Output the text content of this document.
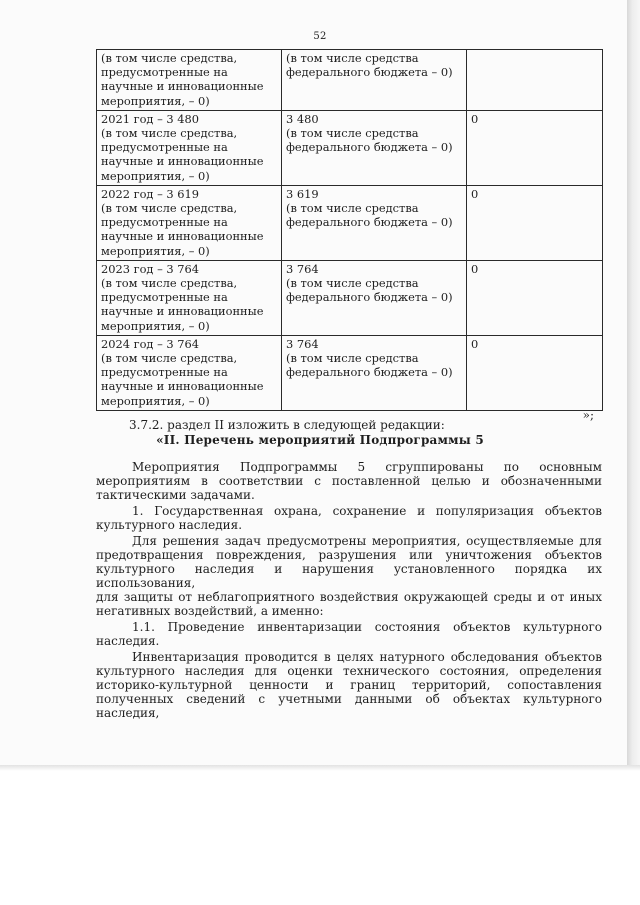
52
(в том числе средства,
предусмотренные на
научные и инновационные
мероприятия, – 0)	(в том числе средства
федерального бюджета – 0)	

2021 год – 3 480
(в том числе средства,
предусмотренные на
научные и инновационные
мероприятия, – 0)	3 480
(в том числе средства
федерального бюджета – 0)	0

2022 год – 3 619
(в том числе средства,
предусмотренные на
научные и инновационные
мероприятия, – 0)	3 619
(в том числе средства
федерального бюджета – 0)	0

2023 год – 3 764
(в том числе средства,
предусмотренные на
научные и инновационные
мероприятия, – 0)	3 764
(в том числе средства
федерального бюджета – 0)	0

2024 год – 3 764
(в том числе средства,
предусмотренные на
научные и инновационные
мероприятия, – 0)	3 764
(в том числе средства
федерального бюджета – 0)	0
»;
3.7.2. раздел II изложить в следующей редакции:
«II. Перечень мероприятий Подпрограммы 5

Мероприятия Подпрограммы 5 сгруппированы по основным
мероприятиям в соответствии с поставленной целью и обозначенными
тактическими задачами.

1. Государственная охрана, сохранение и популяризация объектов
культурного наследия.

Для решения задач предусмотрены мероприятия, осуществляемые для
предотвращения повреждения, разрушения или уничтожения объектов
культурного наследия и нарушения установленного порядка их использования,
для защиты от неблагоприятного воздействия окружающей среды и от иных
негативных воздействий, а именно:

1.1. Проведение инвентаризации состояния объектов культурного
наследия.

Инвентаризация проводится в целях натурного обследования объектов
культурного наследия для оценки технического состояния, определения
историко-культурной ценности и границ территорий, сопоставления
полученных сведений с учетными данными об объектах культурного наследия,
